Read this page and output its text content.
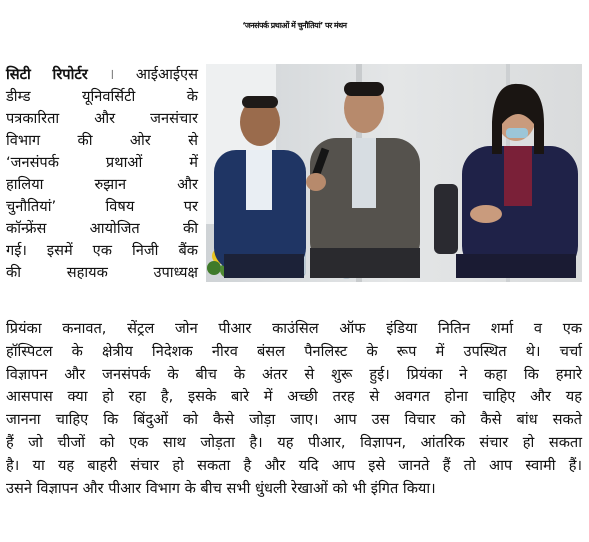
‘जनसंपर्क प्रथाओं में चुनौतियां’ पर मंथन
सिटी रिपोर्टर । आईआईएस
डीम्ड यूनिवर्सिटी के
पत्रकारिता और जनसंचार
विभाग की ओर से
‘जनसंपर्क प्रथाओं में
हालिया रुझान और
चुनौतियां’ विषय पर
कॉन्फ्रेंस आयोजित की
गई। इसमें एक निजी बैंक
की सहायक उपाध्यक्ष
प्रियंका कनावत, सेंट्रल जोन पीआर काउंसिल ऑफ इंडिया नितिन शर्मा व एक
हॉस्पिटल के क्षेत्रीय निदेशक नीरव बंसल पैनलिस्ट के रूप में उपस्थित थे। चर्चा
विज्ञापन और जनसंपर्क के बीच के अंतर से शुरू हुई। प्रियंका ने कहा कि हमारे
आसपास क्या हो रहा है, इसके बारे में अच्छी तरह से अवगत होना चाहिए और यह
जानना चाहिए कि बिंदुओं को कैसे जोड़ा जाए। आप उस विचार को कैसे बांध सकते
हैं जो चीजों को एक साथ जोड़ता है। यह पीआर, विज्ञापन, आंतरिक संचार हो सकता
है। या यह बाहरी संचार हो सकता है और यदि आप इसे जानते हैं तो आप स्वामी हैं।
उसने विज्ञापन और पीआर विभाग के बीच सभी धुंधली रेखाओं को भी इंगित किया।
